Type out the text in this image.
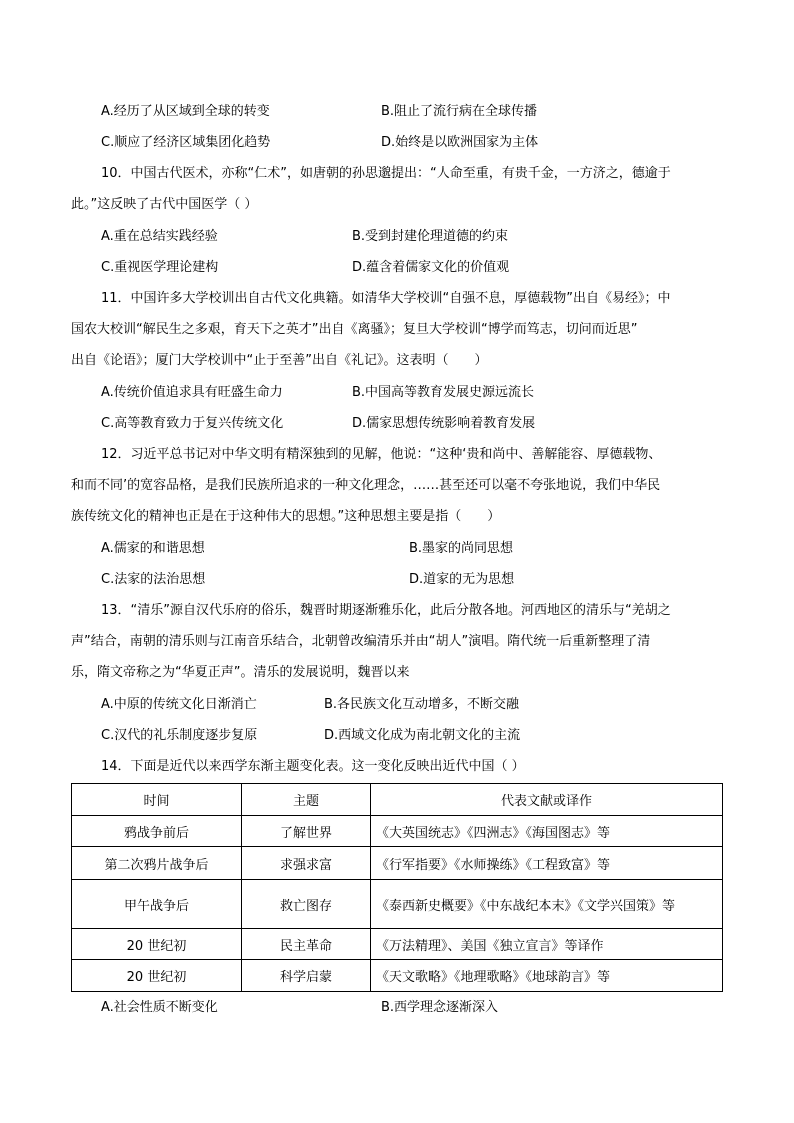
A.经历了从区域到全球的转变	B.阻止了流行病在全球传播
C.顺应了经济区域集团化趋势	D.始终是以欧洲国家为主体
10．中国古代医术，亦称“仁术”，如唐朝的孙思邈提出：“人命至重，有贵千金，一方济之，德逾于
此。”这反映了古代中国医学（ ）
A.重在总结实践经验	B.受到封建伦理道德的约束
C.重视医学理论建构	D.蕴含着儒家文化的价值观
11．中国许多大学校训出自古代文化典籍。如清华大学校训“自强不息，厚德载物”出自《易经》；中
国农大校训“解民生之多艰，育天下之英才”出自《离骚》；复旦大学校训“博学而笃志，切问而近思”
出自《论语》；厦门大学校训中“止于至善”出自《礼记》。这表明（　　）
A.传统价值追求具有旺盛生命力	B.中国高等教育发展史源远流长
C.高等教育致力于复兴传统文化	D.儒家思想传统影响着教育发展
12．习近平总书记对中华文明有精深独到的见解，他说：“这种‘贵和尚中、善解能容、厚德载物、
和而不同’的宽容品格，是我们民族所追求的一种文化理念，……甚至还可以毫不夸张地说，我们中华民
族传统文化的精神也正是在于这种伟大的思想。”这种思想主要是指（　　）
A.儒家的和谐思想	B.墨家的尚同思想
C.法家的法治思想	D.道家的无为思想
13．“清乐”源自汉代乐府的俗乐，魏晋时期逐渐雅乐化，此后分散各地。河西地区的清乐与“羌胡之
声”结合，南朝的清乐则与江南音乐结合，北朝曾改编清乐并由“胡人”演唱。隋代统一后重新整理了清
乐，隋文帝称之为“华夏正声”。清乐的发展说明，魏晋以来
A.中原的传统文化日渐消亡	B.各民族文化互动增多，不断交融
C.汉代的礼乐制度逐步复原	D.西域文化成为南北朝文化的主流
14．下面是近代以来西学东渐主题变化表。这一变化反映出近代中国（ ）
时间	主题	代表文献或译作
鸦战争前后	了解世界	《大英国统志》《四洲志》《海国图志》等
第二次鸦片战争后	求强求富	《行军指要》《水师操练》《工程致富》等
甲午战争后	救亡图存	《泰西新史概要》《中东战纪本末》《文学兴国策》等
20 世纪初	民主革命	《万法精理》、美国《独立宣言》等译作
20 世纪初	科学启蒙	《天文歌略》《地理歌略》《地球韵言》等
A.社会性质不断变化	B.西学理念逐渐深入
